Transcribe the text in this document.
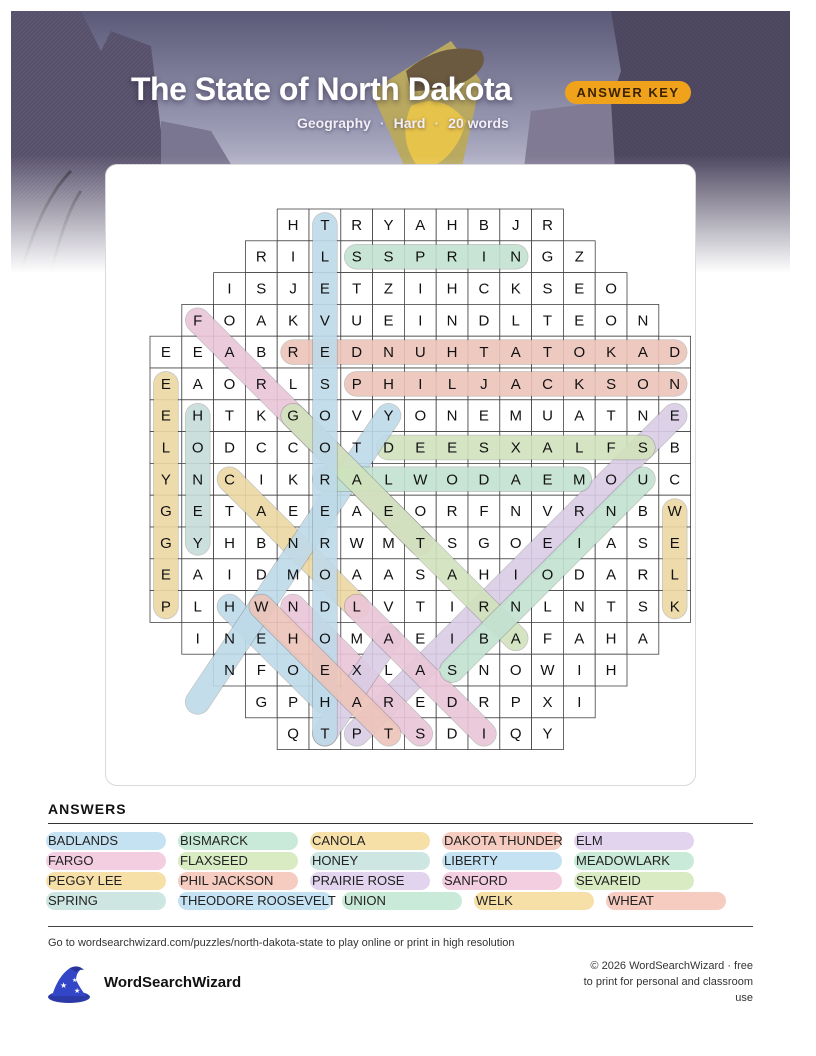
The State of North Dakota	ANSWER KEY
Geography · Hard · 20 words
H T R Y A H B J R
R I L S S P R I N G Z
I S J E T Z I H C K S E O
F O A K V U E I N D L T E O N
E E A B R E D N U H T A T O K A D
E A O R L S P H I L J A C K S O N
E H T K G O V Y O N E M U A T N E
L O D C C O T D E E S X A L F S B
Y N C I K R A L W O D A E M O U C
G E T A E E A E O R F N V R N B W
G Y H B N R W M T S G O E I A S E
E A I D M O A A S A H I O D A R L
P L H W N D L V T I R N L N T S K
I N E H O M A E I B A F A H A
N F O E X L A S N O W I H
G P H A R E D R P X I
Q T P T S D I Q Y
ANSWERS
BADLANDS	BISMARCK	CANOLA	DAKOTA THUNDER ELM
FARGO	FLAXSEED	HONEY	LIBERTY	MEADOWLARK
PEGGY LEE	PHIL JACKSON	PRAIRIE ROSE	SANFORD	SEVAREID
SPRING	THEODORE ROOSEVELT UNION	WELK	WHEAT
Go to wordsearchwizard.com/puzzles/north-dakota-state to play online or print in high resolution
★
★
★ WordSearchWizard
© 2026 WordSearchWizard · free to print for personal and classroom use
